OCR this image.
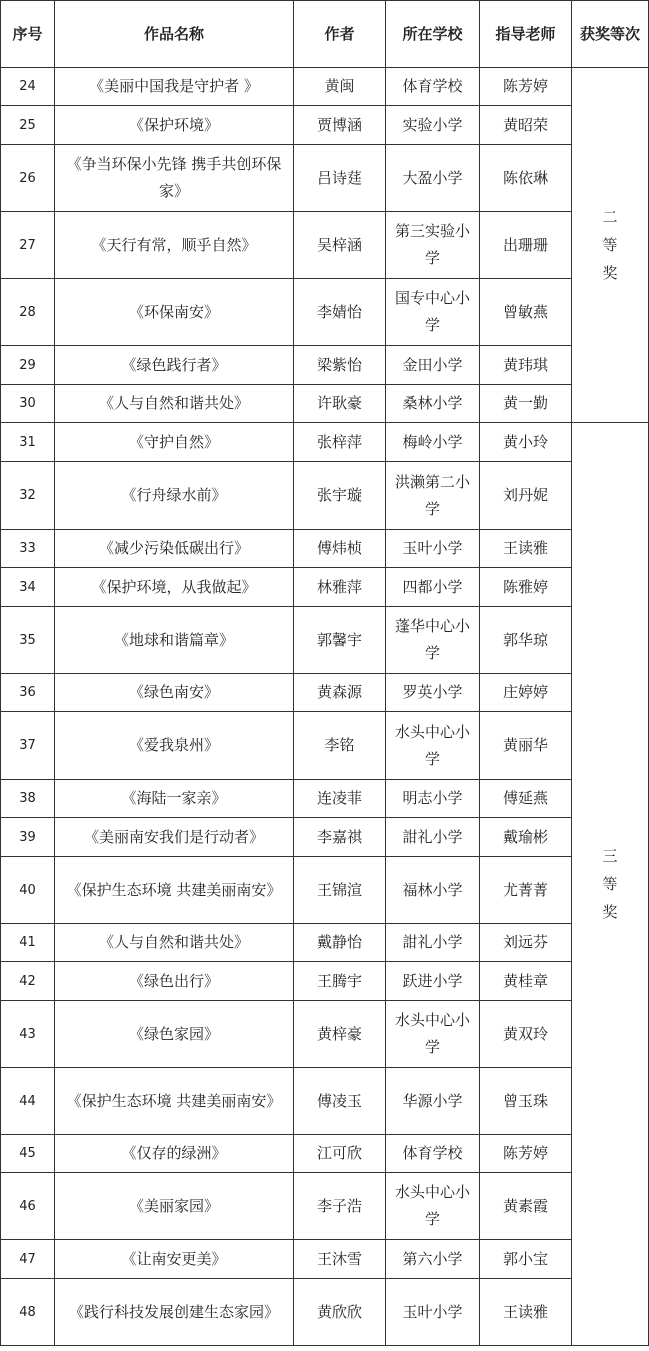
序号	作品名称	作者	所在学校	指导老师	获奖等次
24	《美丽中国我是守护者 》	黄闽	体育学校	陈芳婷	二
等
奖

25	《保护环境》	贾博涵	实验小学	黄昭荣	
26	《争当环保小先锋 携手共创环保家》	吕诗莛	大盈小学	陈依琳	
27	《天行有常，顺乎自然》	吴梓涵	第三实验小学	出珊珊	
28	《环保南安》	李婧怡	国专中心小学	曾敏燕	
29	《绿色践行者》	梁紫怡	金田小学	黄玮琪	
30	《人与自然和谐共处》	许耿豪	桑林小学	黄一勤	
31	《守护自然》	张梓萍	梅岭小学	黄小玲	三
等
奖

32	《行舟绿水前》	张宇璇	洪濑第二小学	刘丹妮	
33	《减少污染低碳出行》	傅炜桢	玉叶小学	王读雅	
34	《保护环境，从我做起》	林雅萍	四都小学	陈雅婷	
35	《地球和谐篇章》	郭馨宇	蓬华中心小学	郭华琼	
36	《绿色南安》	黄森源	罗英小学	庄婷婷	
37	《爱我泉州》	李铭	水头中心小学	黄丽华	
38	《海陆一家亲》	连凌菲	明志小学	傅延燕	
39	《美丽南安我们是行动者》	李嘉祺	詌礼小学	戴瑜彬	
40	《保护生态环境 共建美丽南安》	王锦渲	福林小学	尤菁菁	
41	《人与自然和谐共处》	戴静怡	詌礼小学	刘远芬	
42	《绿色出行》	王腾宇	跃进小学	黄桂章	
43	《绿色家园》	黄梓豪	水头中心小学	黄双玲	
44	《保护生态环境 共建美丽南安》	傅凌玉	华源小学	曾玉珠	
45	《仅存的绿洲》	江可欣	体育学校	陈芳婷	
46	《美丽家园》	李子浩	水头中心小学	黄素霞	
47	《让南安更美》	王沐雪	第六小学	郭小宝	
48	《践行科技发展创建生态家园》	黄欣欣	玉叶小学	王读雅	
